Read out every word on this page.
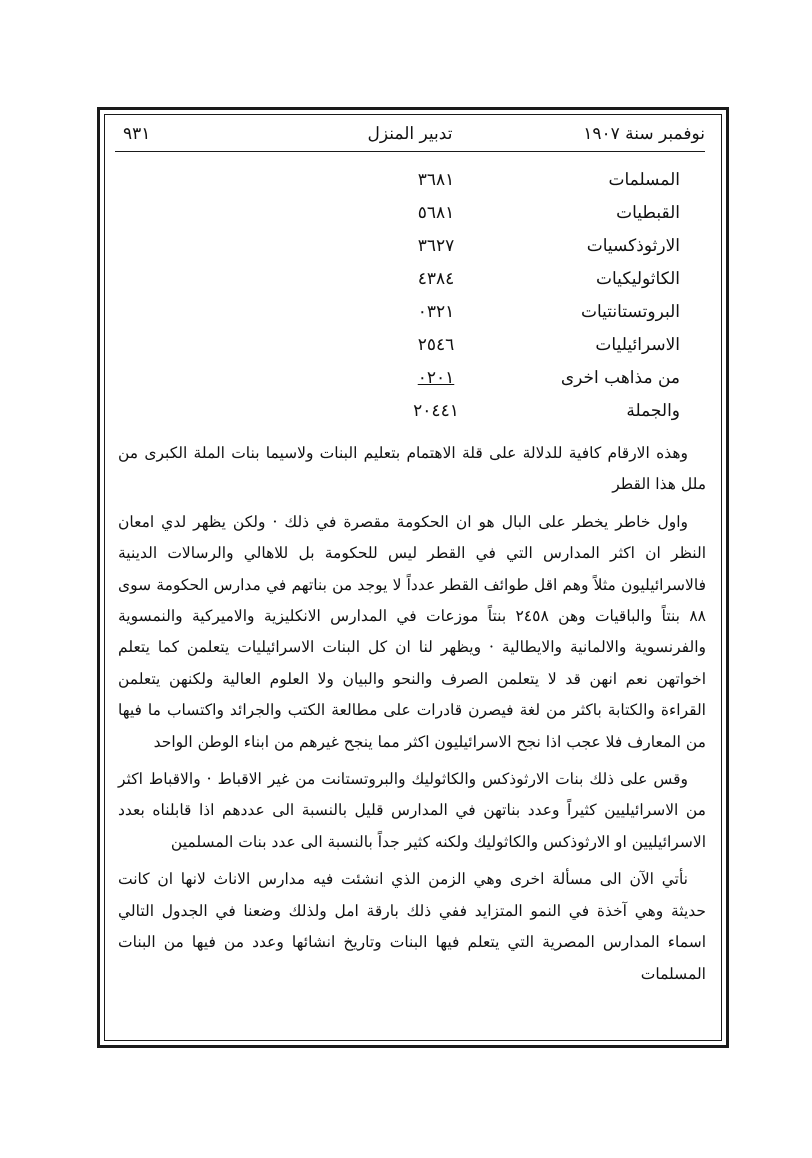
نوفمبر سنة ١٩٠٧
تدبير المنزل
٩٣١
المسلمات
٣٦٨١
القبطيات
٥٦٨١
الارثوذكسيات
٣٦٢٧
الكاثوليكيات
٤٣٨٤
البروتستانتيات
٠٣٢١
الاسرائيليات
٢٥٤٦
من مذاهب اخرى
٠٢٠١
والجملة
٢٠٤٤١

وهذه الارقام كافية للدلالة على قلة الاهتمام بتعليم البنات ولاسيما بنات الملة الكبرى من ملل هذا القطر

واول خاطر يخطر على البال هو ان الحكومة مقصرة في ذلك · ولكن يظهر لدي امعان النظر ان اكثر المدارس التي في القطر ليس للحكومة بل للاهالي والرسالات الدينية فالاسرائيليون مثلاً وهم اقل طوائف القطر عدداً لا يوجد من بناتهم في مدارس الحكومة سوى ٨٨ بنتاً والباقيات وهن ٢٤٥٨ بنتاً موزعات في المدارس الانكليزية والاميركية والنمسوية والفرنسوية والالمانية والايطالية · ويظهر لنا ان كل البنات الاسرائيليات يتعلمن كما يتعلم اخواتهن نعم انهن قد لا يتعلمن الصرف والنحو والبيان ولا العلوم العالية ولكنهن يتعلمن القراءة والكتابة باكثر من لغة فيصرن قادرات على مطالعة الكتب والجرائد واكتساب ما فيها من المعارف فلا عجب اذا نجح الاسرائيليون اكثر مما ينجح غيرهم من ابناء الوطن الواحد

وقس على ذلك بنات الارثوذكس والكاثوليك والبروتستانت من غير الاقباط · والاقباط اكثر من الاسرائيليين كثيراً وعدد بناتهن في المدارس قليل بالنسبة الى عددهم اذا قابلناه بعدد الاسرائيليين او الارثوذكس والكاثوليك ولكنه كثير جداً بالنسبة الى عدد بنات المسلمين

نأتي الآن الى مسألة اخرى وهي الزمن الذي انشئت فيه مدارس الاناث لانها ان كانت حديثة وهي آخذة في النمو المتزايد ففي ذلك بارقة امل ولذلك وضعنا في الجدول التالي اسماء المدارس المصرية التي يتعلم فيها البنات وتاريخ انشائها وعدد من فيها من البنات المسلمات
